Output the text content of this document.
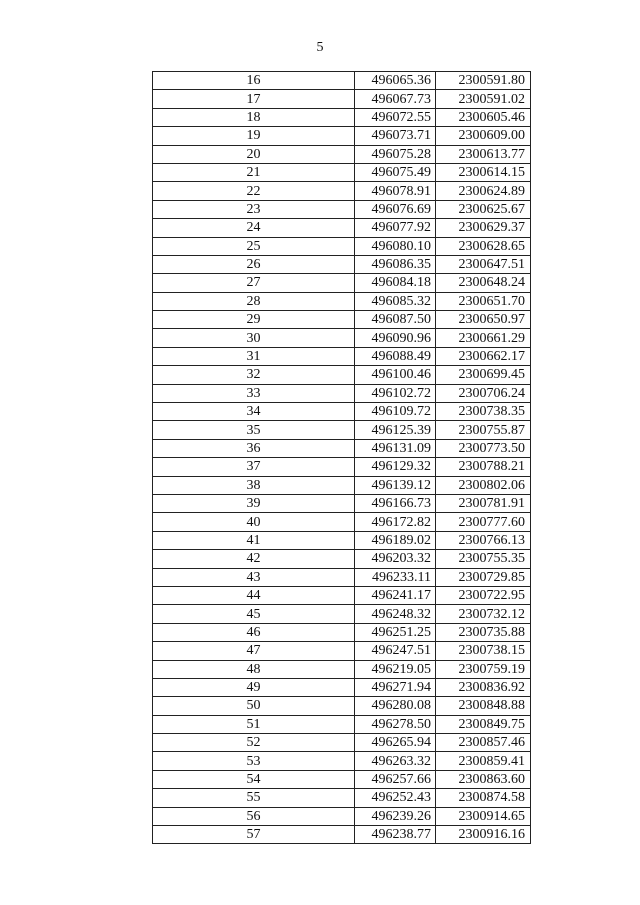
5
16	496065.36	2300591.80
17	496067.73	2300591.02
18	496072.55	2300605.46
19	496073.71	2300609.00
20	496075.28	2300613.77
21	496075.49	2300614.15
22	496078.91	2300624.89
23	496076.69	2300625.67
24	496077.92	2300629.37
25	496080.10	2300628.65
26	496086.35	2300647.51
27	496084.18	2300648.24
28	496085.32	2300651.70
29	496087.50	2300650.97
30	496090.96	2300661.29
31	496088.49	2300662.17
32	496100.46	2300699.45
33	496102.72	2300706.24
34	496109.72	2300738.35
35	496125.39	2300755.87
36	496131.09	2300773.50
37	496129.32	2300788.21
38	496139.12	2300802.06
39	496166.73	2300781.91
40	496172.82	2300777.60
41	496189.02	2300766.13
42	496203.32	2300755.35
43	496233.11	2300729.85
44	496241.17	2300722.95
45	496248.32	2300732.12
46	496251.25	2300735.88
47	496247.51	2300738.15
48	496219.05	2300759.19
49	496271.94	2300836.92
50	496280.08	2300848.88
51	496278.50	2300849.75
52	496265.94	2300857.46
53	496263.32	2300859.41
54	496257.66	2300863.60
55	496252.43	2300874.58
56	496239.26	2300914.65
57	496238.77	2300916.16
